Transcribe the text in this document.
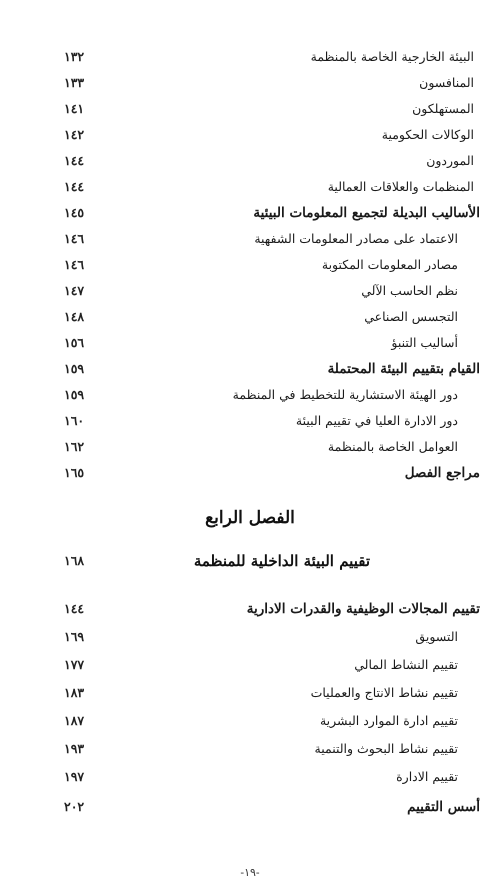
البيئة الخارجية الخاصة بالمنظمة
١٣٢
المنافسون
١٣٣
المستهلكون
١٤١
الوكالات الحكومية
١٤٢
الموردون
١٤٤
المنظمات والعلاقات العمالية
١٤٤
الأساليب البديلة لتجميع المعلومات البيئية
١٤٥
الاعتماد على مصادر المعلومات الشفهية
١٤٦
مصادر المعلومات المكتوبة
١٤٦
نظم الحاسب الآلي
١٤٧
التجسس الصناعي
١٤٨
أساليب التنبؤ
١٥٦
القيام بتقييم البيئة المحتملة
١٥٩
دور الهيئة الاستشارية للتخطيط في المنظمة
١٥٩
دور الادارة العليا في تقييم البيئة
١٦٠
العوامل الخاصة بالمنظمة
١٦٢
مراجع الفصل
١٦٥
الفصل الرابع
تقييم البيئة الداخلية للمنظمة
١٦٨
تقييم المجالات الوظيفية والقدرات الادارية
١٤٤
التسويق
١٦٩
تقييم النشاط المالي
١٧٧
تقييم نشاط الانتاج والعمليات
١٨٣
تقييم ادارة الموارد البشرية
١٨٧
تقييم نشاط البحوث والتنمية
١٩٣
تقييم الادارة
١٩٧
أسس التقييم
٢٠٢
-١٩-
